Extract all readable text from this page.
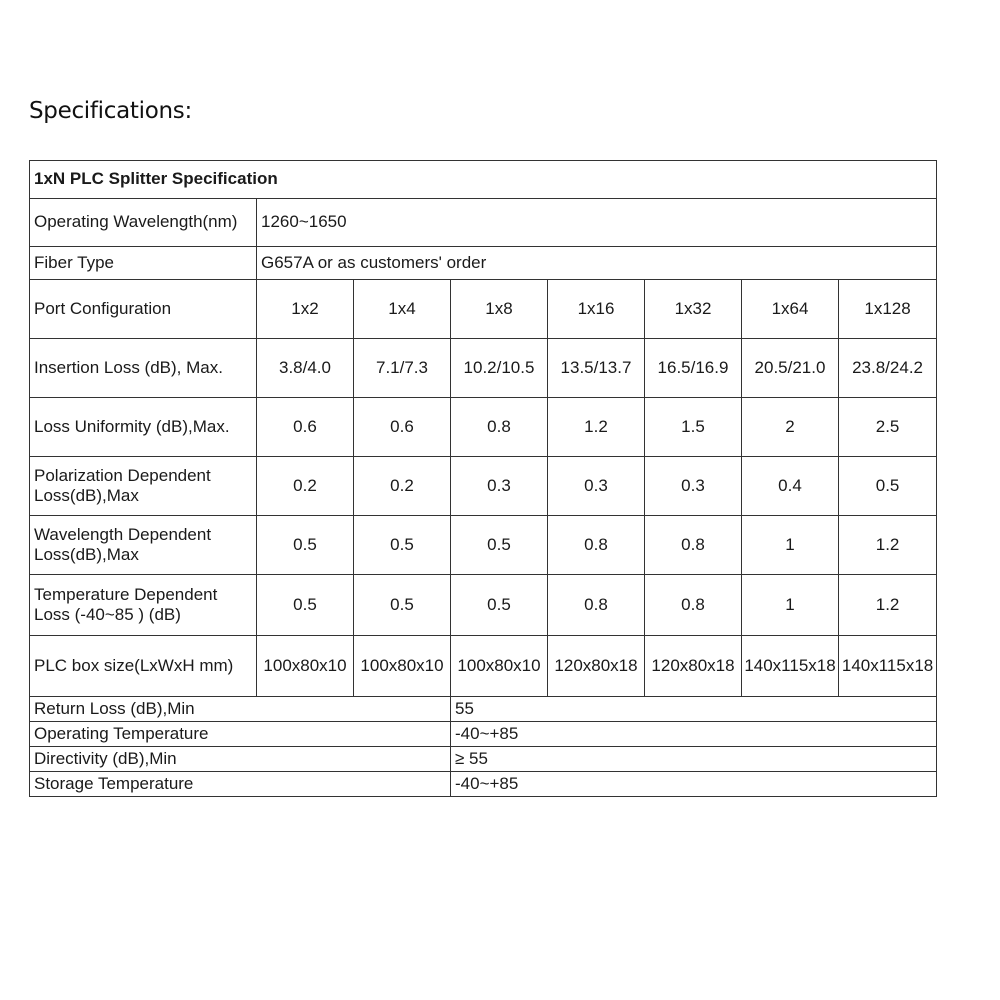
Specifications:
1xN PLC Splitter Specification							
Operating Wavelength(nm)	1260~1650						
Fiber Type	G657A or as customers' order						
Port Configuration	1x2	1x4	1x8	1x16	1x32	1x64	1x128
Insertion Loss (dB), Max.	3.8/4.0	7.1/7.3	10.2/10.5	13.5/13.7	16.5/16.9	20.5/21.0	23.8/24.2
Loss Uniformity (dB),Max.	0.6	0.6	0.8	1.2	1.5	2	2.5
Polarization Dependent Loss(dB),Max	0.2	0.2	0.3	0.3	0.3	0.4	0.5
Wavelength Dependent Loss(dB),Max	0.5	0.5	0.5	0.8	0.8	1	1.2
Temperature Dependent Loss (-40~85 ) (dB)	0.5	0.5	0.5	0.8	0.8	1	1.2
PLC box size(LxWxH mm)	100x80x10	100x80x10	100x80x10	120x80x18	120x80x18	140x115x18	140x115x18
Return Loss (dB),Min			55				
Operating Temperature			-40~+85				
Directivity (dB),Min			≥ 55				
Storage Temperature			-40~+85				
